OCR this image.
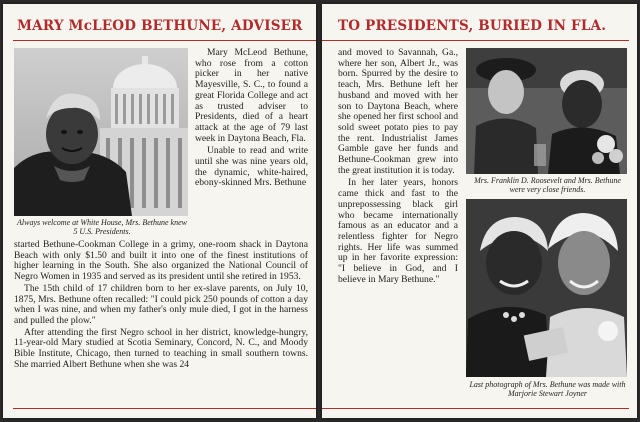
MARY McLEOD BETHUNE, ADVISER
Always welcome at White House, Mrs. Bethune knew 5 U.S. Presidents.

Mary McLeod Bethune, who rose from a cotton picker in her native Mayesville, S. C., to found a great Florida College and act as trusted adviser to Presidents, died of a heart attack at the age of 79 last week in Daytona Beach, Fla.

Unable to read and write until she was nine years old, the dynamic, white-haired, ebony-skinned Mrs. Bethune

started Bethune-Cookman College in a grimy, one-room shack in Daytona Beach with only $1.50 and built it into one of the finest institutions of higher learning in the South. She also organized the National Council of Negro Women in 1935 and served as its president until she retired in 1953.

The 15th child of 17 children born to her ex-slave parents, on July 10, 1875, Mrs. Bethune often recalled: "I could pick 250 pounds of cotton a day when I was nine, and when my father's only mule died, I got in the harness and pulled the plow."

After attending the first Negro school in her district, knowledge-hungry, 11-year-old Mary studied at Scotia Seminary, Concord, N. C., and Moody Bible Institute, Chicago, then turned to teaching in small southern towns. She married Albert Bethune when she was 24

TO PRESIDENTS, BURIED IN FLA.

and moved to Savannah, Ga., where her son, Albert Jr., was born. Spurred by the desire to teach, Mrs. Bethune left her husband and moved with her son to Daytona Beach, where she opened her first school and sold sweet potato pies to pay the rent. Industrialist James Gamble gave her funds and Bethune-Cookman grew into the great institution it is today.

In her later years, honors came thick and fast to the unprepossessing black girl who became internationally famous as an educator and a relentless fighter for Negro rights. Her life was summed up in her favorite expression: "I believe in God, and I believe in Mary Bethune."

Mrs. Franklin D. Roosevelt and Mrs. Bethune were very close friends.
Last photograph of Mrs. Bethune was made with Marjorie Stewart Joyner
